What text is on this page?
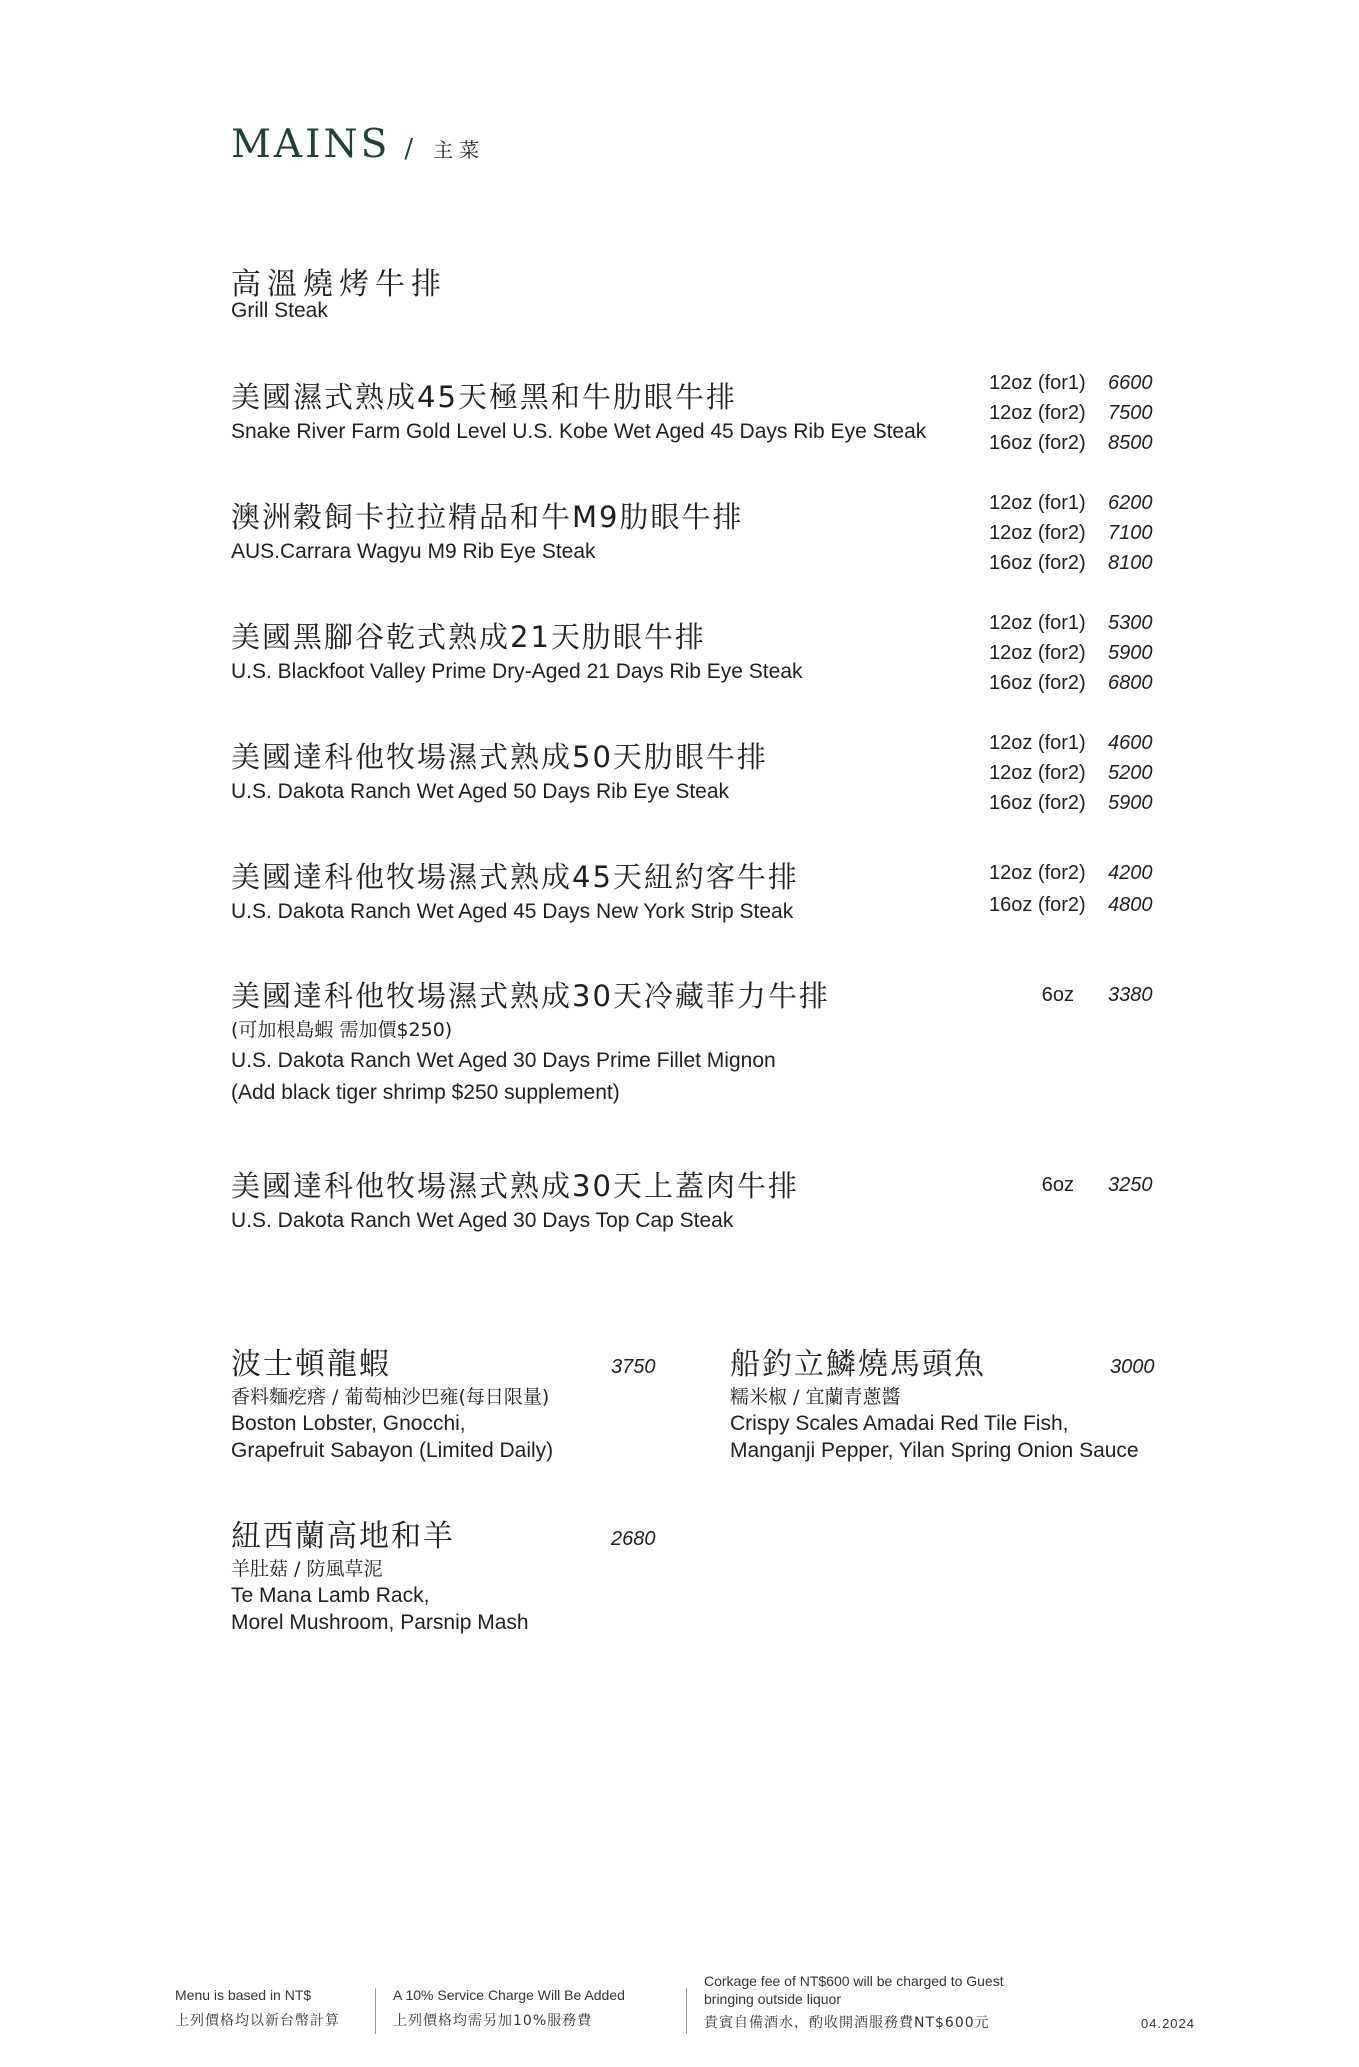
MAINS / 主菜
高溫燒烤牛排
Grill Steak
美國濕式熟成45天極黑和牛肋眼牛排
Snake River Farm Gold Level U.S. Kobe Wet Aged 45 Days Rib Eye Steak
12oz (for1) 6600
12oz (for2) 7500
16oz (for2) 8500
澳洲穀飼卡拉拉精品和牛M9肋眼牛排
AUS.Carrara Wagyu M9 Rib Eye Steak
12oz (for1) 6200
12oz (for2) 7100
16oz (for2) 8100
美國黑腳谷乾式熟成21天肋眼牛排
U.S. Blackfoot Valley Prime Dry-Aged 21 Days Rib Eye Steak
12oz (for1) 5300
12oz (for2) 5900
16oz (for2) 6800
美國達科他牧場濕式熟成50天肋眼牛排
U.S. Dakota Ranch Wet Aged 50 Days Rib Eye Steak
12oz (for1) 4600
12oz (for2) 5200
16oz (for2) 5900
美國達科他牧場濕式熟成45天紐約客牛排
U.S. Dakota Ranch Wet Aged 45 Days New York Strip Steak
12oz (for2) 4200
16oz (for2) 4800
美國達科他牧場濕式熟成30天冷藏菲力牛排
(可加根島蝦 需加價$250)
U.S. Dakota Ranch Wet Aged 30 Days Prime Fillet Mignon
(Add black tiger shrimp $250 supplement)
6oz 3380
美國達科他牧場濕式熟成30天上蓋肉牛排
U.S. Dakota Ranch Wet Aged 30 Days Top Cap Steak
6oz 3250
波士頓龍蝦	3750
香料麵疙瘩 / 葡萄柚沙巴雍(每日限量)
Boston Lobster, Gnocchi,
Grapefruit Sabayon (Limited Daily)
船釣立鱗燒馬頭魚	3000
糯米椒 / 宜蘭青蔥醬
Crispy Scales Amadai Red Tile Fish,
Manganji Pepper, Yilan Spring Onion Sauce
紐西蘭高地和羊	2680
羊肚菇 / 防風草泥
Te Mana Lamb Rack,
Morel Mushroom, Parsnip Mash
Menu is based in NT$
上列價格均以新台幣計算
A 10% Service Charge Will Be Added
上列價格均需另加10%服務費
Corkage fee of NT$600 will be charged to Guest
bringing outside liquor
貴賓自備酒水，酌收開酒服務費NT$600元	04.2024
